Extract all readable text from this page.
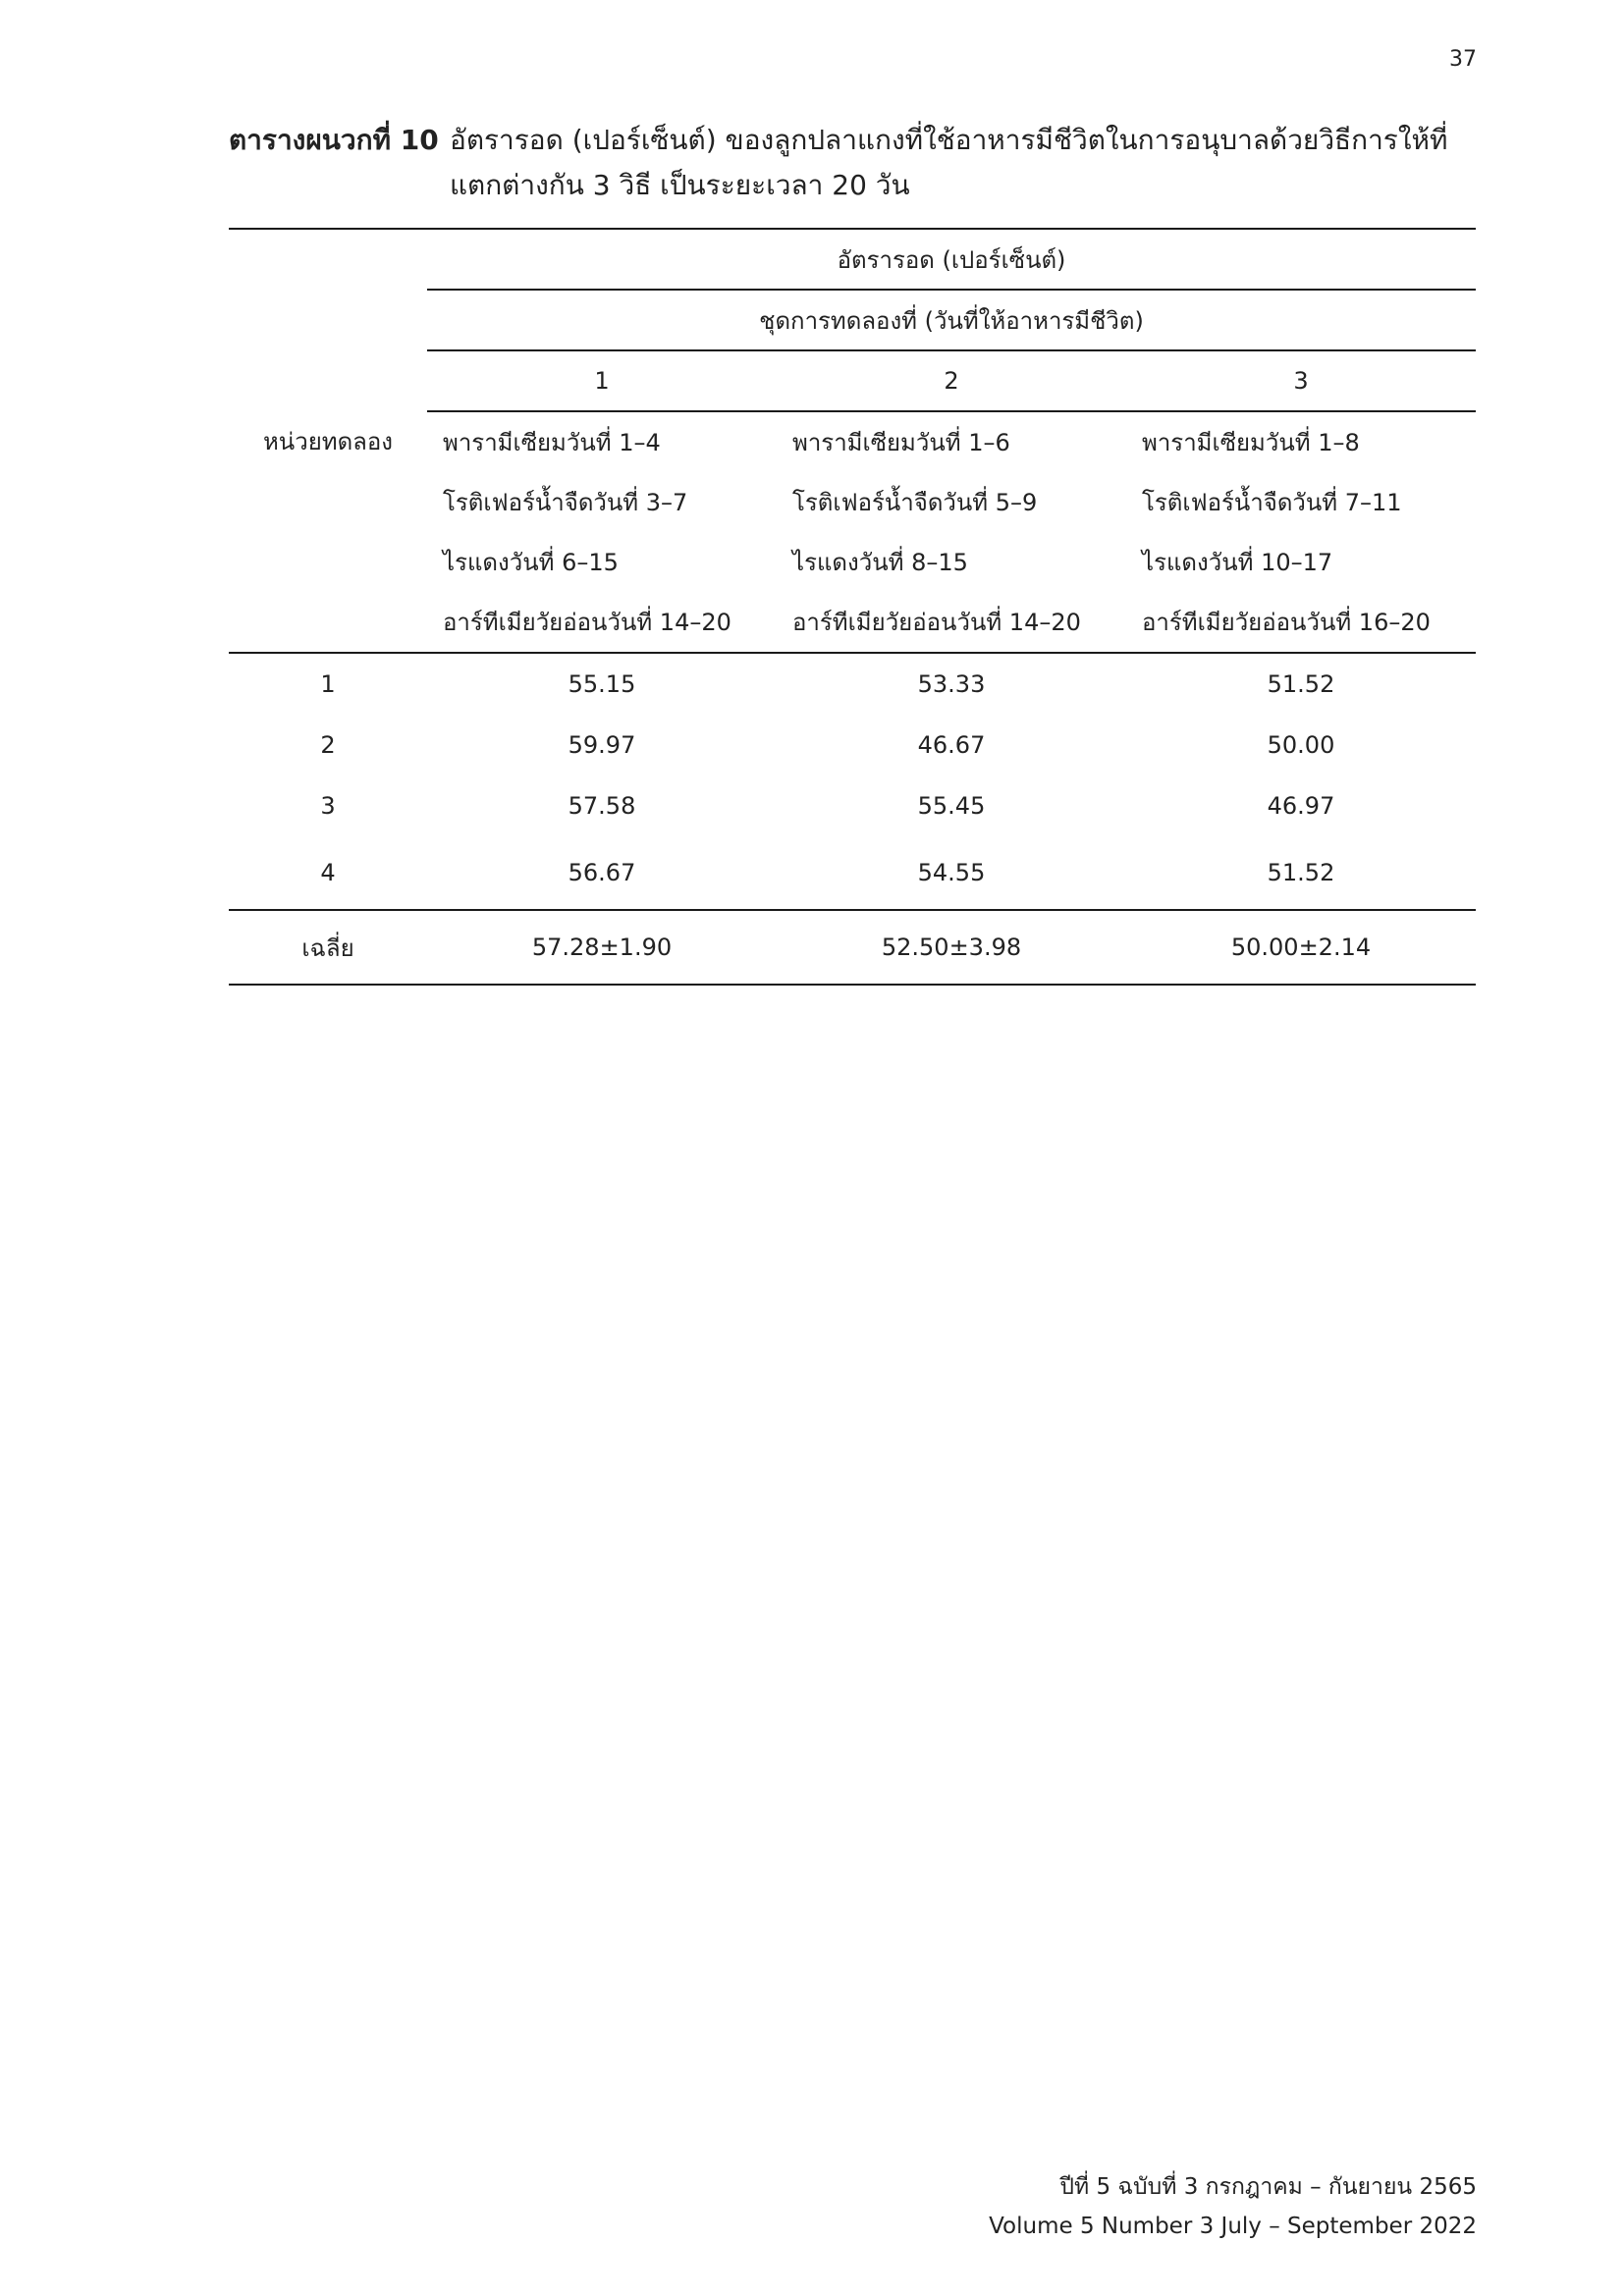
37
ตารางผนวกที่ 10 อัตรารอด (เปอร์เซ็นต์) ของลูกปลาแกงที่ใช้อาหารมีชีวิตในการอนุบาลด้วยวิธีการให้ที่
แตกต่างกัน 3 วิธี เป็นระยะเวลา 20 วัน
หน่วยทดลอง	อัตรารอด (เปอร์เซ็นต์)		
	ชุดการทดลองที่ (วันที่ให้อาหารมีชีวิต)		
	1	2	3
	พารามีเซียมวันที่ 1–4	พารามีเซียมวันที่ 1–6	พารามีเซียมวันที่ 1–8
	โรติเฟอร์น้ำจืดวันที่ 3–7	โรติเฟอร์น้ำจืดวันที่ 5–9	โรติเฟอร์น้ำจืดวันที่ 7–11
	ไรแดงวันที่ 6–15	ไรแดงวันที่ 8–15	ไรแดงวันที่ 10–17
	อาร์ทีเมียวัยอ่อนวันที่ 14–20	อาร์ทีเมียวัยอ่อนวันที่ 14–20	อาร์ทีเมียวัยอ่อนวันที่ 16–20
1	55.15	53.33	51.52
2	59.97	46.67	50.00
3	57.58	55.45	46.97
4	56.67	54.55	51.52
เฉลี่ย	57.28±1.90	52.50±3.98	50.00±2.14
ปีที่ 5 ฉบับที่ 3 กรกฎาคม – กันยายน 2565
Volume 5 Number 3 July – September 2022
